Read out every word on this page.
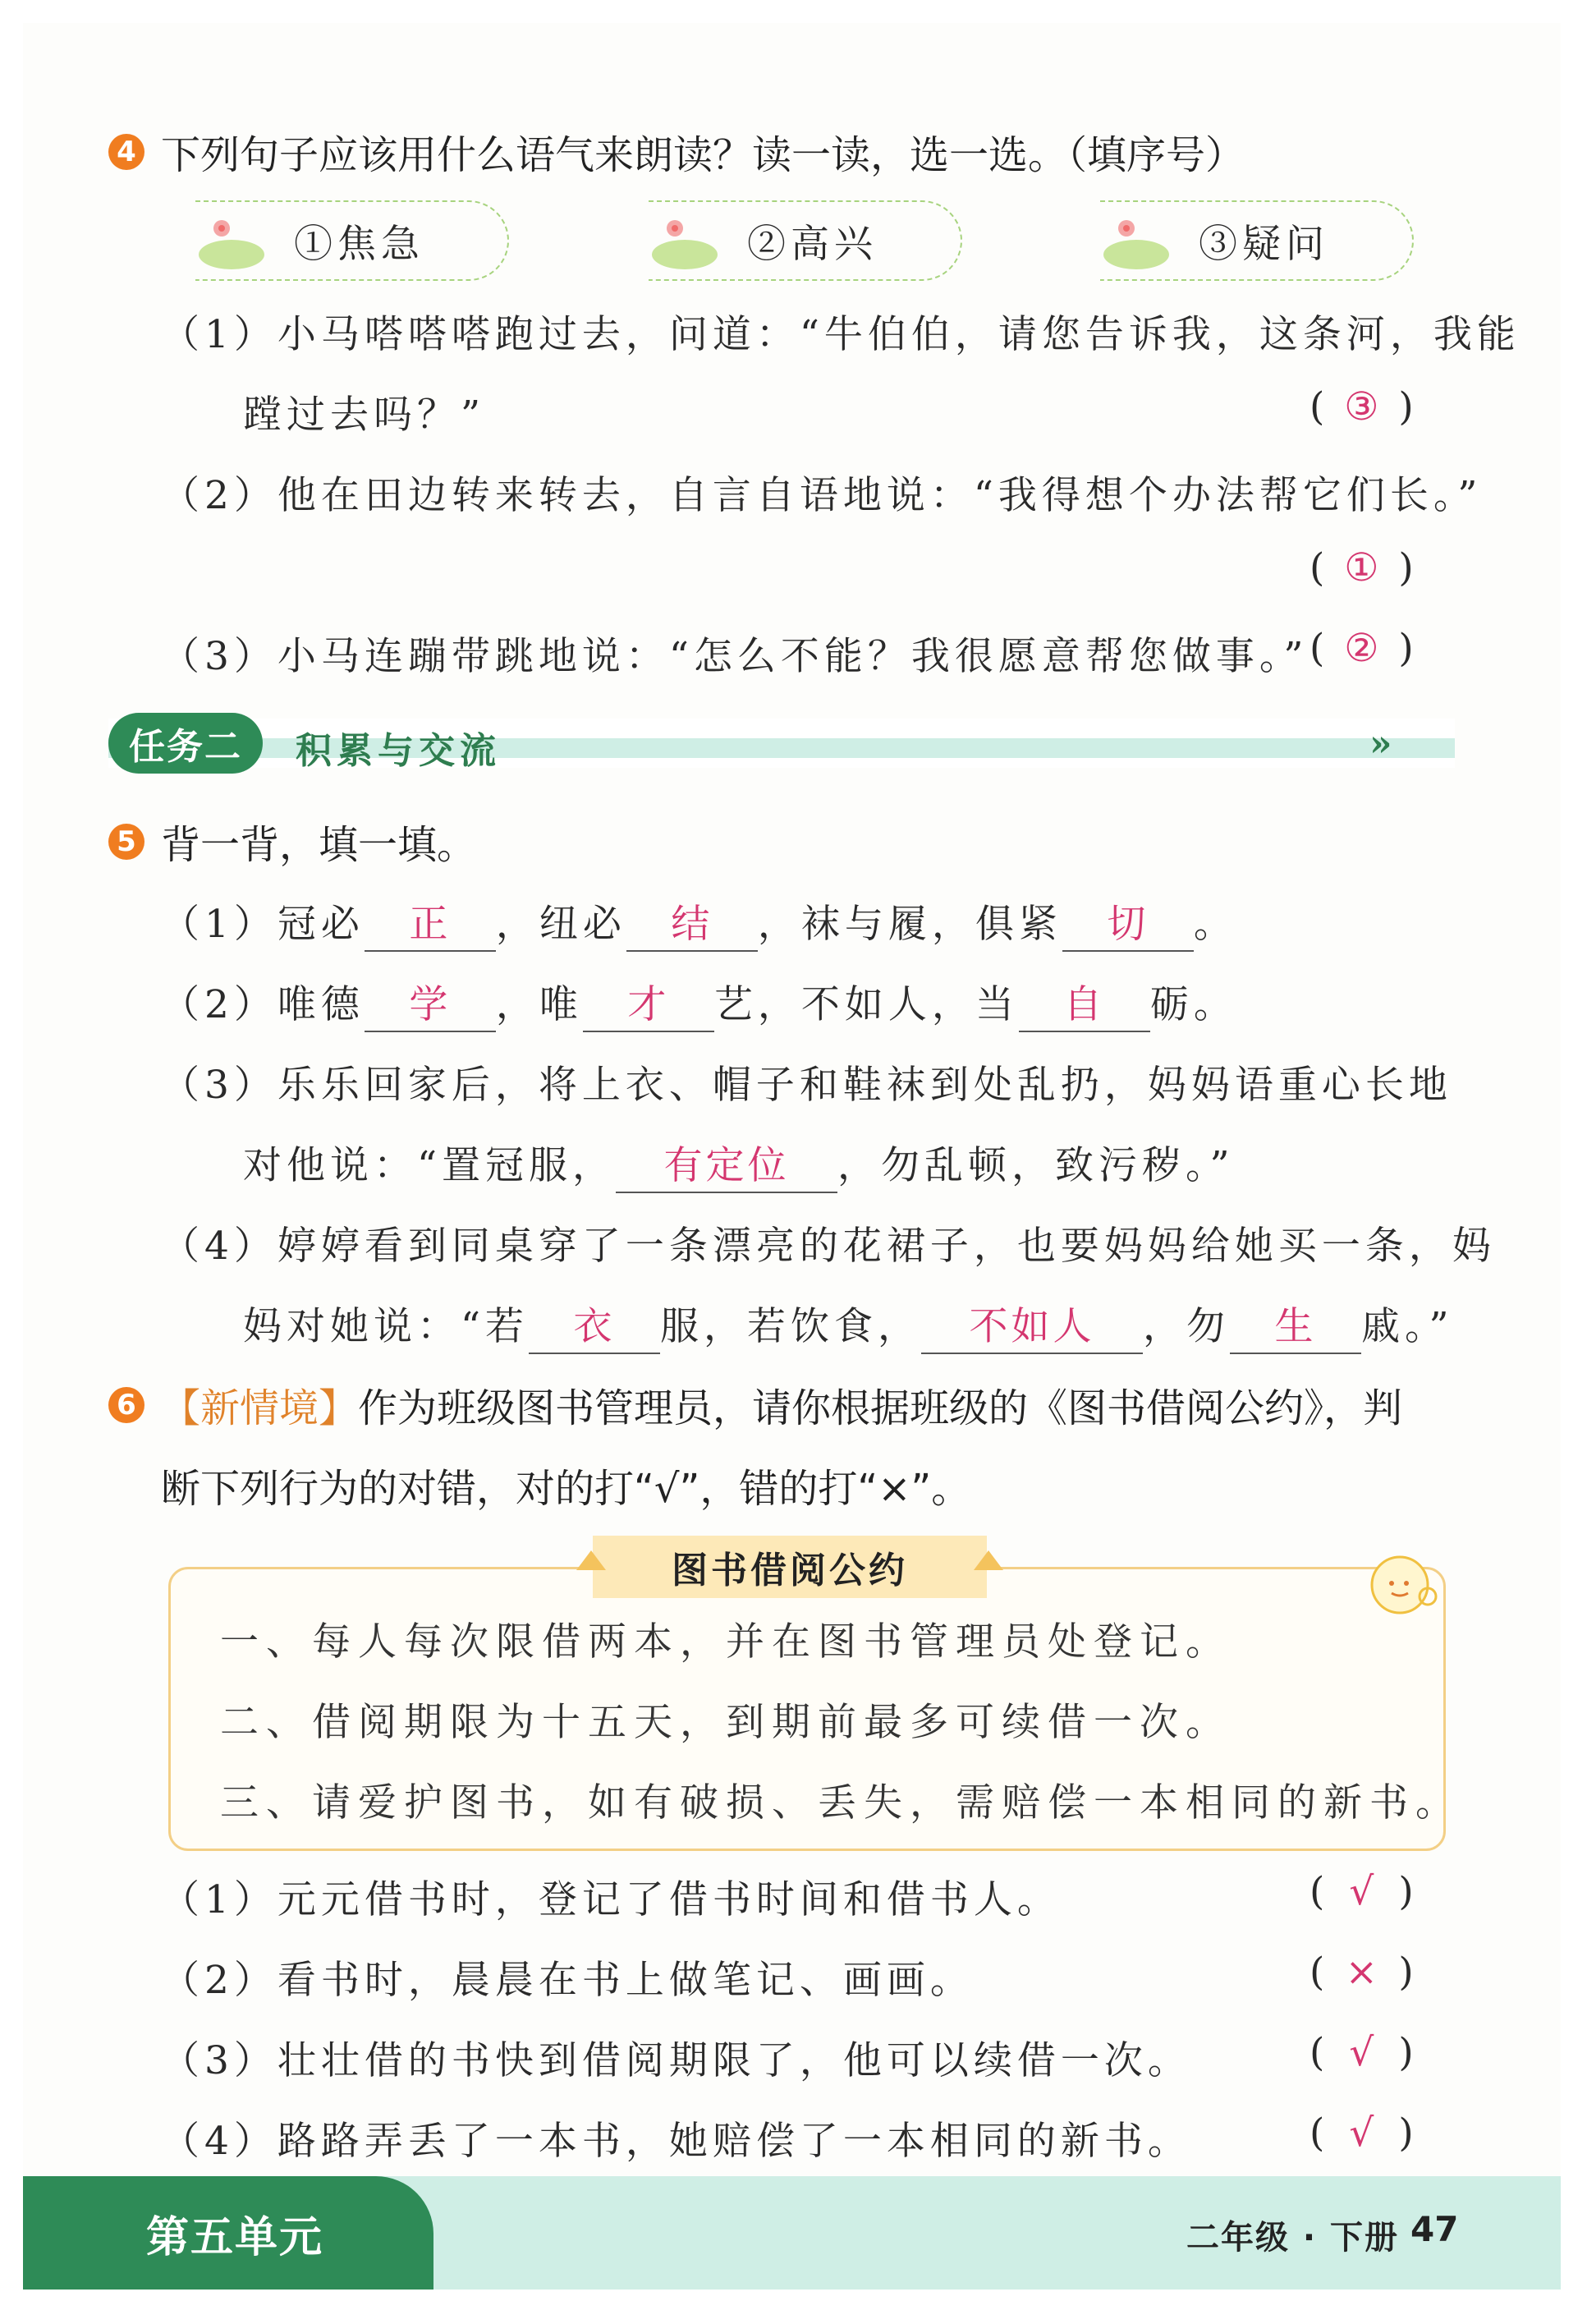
4 下列句子应该用什么语气来朗读？读一读，选一选。（填序号）
①焦急	②高兴	③疑问
（1）小马嗒嗒嗒跑过去，问道：“牛伯伯，请您告诉我，这条河，我能
蹚过去吗？”	( ③ )
（2）他在田边转来转去，自言自语地说：“我得想个办法帮它们长。”
( ① )
（3）小马连蹦带跳地说：“怎么不能？我很愿意帮您做事。” ( ② )
任务二	积累与交流	»
5 背一背，填一填。
（1）冠必 正 ，纽必 结 ，袜与履，俱紧 切 。
（2）唯德 学 ，唯 才 艺，不如人，当 自 砺。
（3）乐乐回家后，将上衣、帽子和鞋袜到处乱扔，妈妈语重心长地
对他说：“置冠服， 有定位 ，勿乱顿，致污秽。”
（4）婷婷看到同桌穿了一条漂亮的花裙子，也要妈妈给她买一条，妈
妈对她说：“若 衣 服，若饮食， 不如人 ，勿 生 戚。”
6 【新情境】 作为班级图书管理员，请你根据班级的《图书借阅公约》，判
断下列行为的对错，对的打“√”，错的打“×”。
图书借阅公约
一、每人每次限借两本，并在图书管理员处登记。
二、借阅期限为十五天，到期前最多可续借一次。
三、请爱护图书，如有破损、丢失，需赔偿一本相同的新书。
（1）元元借书时，登记了借书时间和借书人。	( √ )
（2）看书时，晨晨在书上做笔记、画画。	( × )
（3）壮壮借的书快到借阅期限了，他可以续借一次。	( √ )
（4）路路弄丢了一本书，她赔偿了一本相同的新书。	( √ )
第五单元	二年级 · 下册 47
